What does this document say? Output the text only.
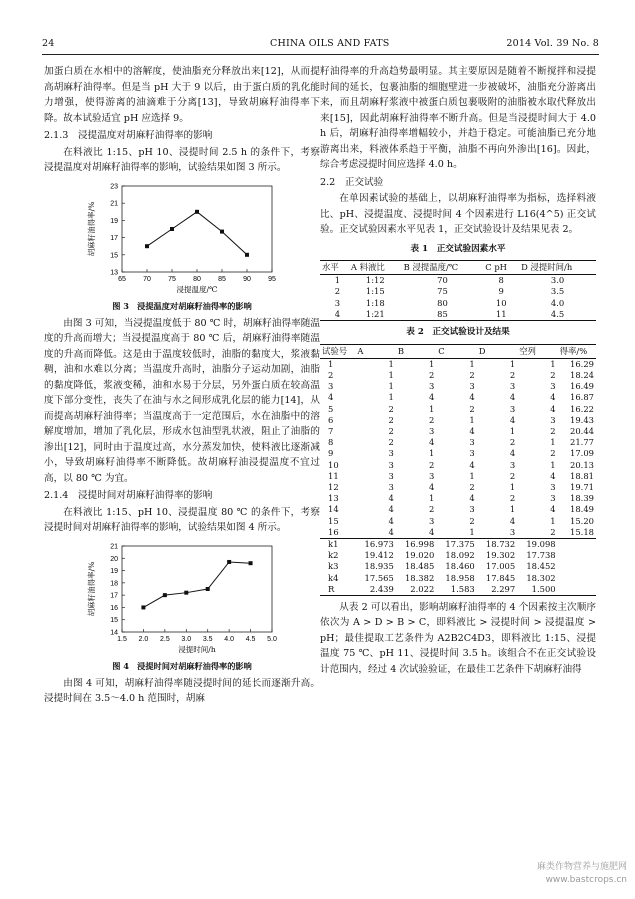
24	CHINA OILS AND FATS	2014 Vol. 39 No. 8

加蛋白质在水相中的溶解度，使油脂充分释放出来[12]，从而提高胡麻籽油得率。但是当 pH 大于 9 以后，由于蛋白质的乳化能力增强，使得游离的油滴难于分离[13]，导致胡麻籽油得率下降。故本试验适宜 pH 应选择 9。

2.1.3　浸提温度对胡麻籽油得率的影响

在料液比 1:15、pH 10、浸提时间 2.5 h 的条件下，考察浸提温度对胡麻籽油得率的影响，试验结果如图 3 所示。

65 70 75 80 85 90 95
13
15
17
19
21
23
浸提温度/℃
胡麻籽油得率/%
图 3　浸提温度对胡麻籽油得率的影响

由图 3 可知，当浸提温度低于 80 ℃ 时，胡麻籽油得率随温度的升高而增大；当浸提温度高于 80 ℃ 后，胡麻籽油得率随温度的升高而降低。这是由于温度较低时，油脂的黏度大，浆液黏稠，油和水难以分离；当温度升高时，油脂分子运动加剧，油脂的黏度降低，浆液变稀，油和水易于分层，另外蛋白质在较高温度下部分变性，丧失了在油与水之间形成乳化层的能力[14]，从而提高胡麻籽油得率；当温度高于一定范围后，水在油脂中的溶解度增加，增加了乳化层，形成水包油型乳状液，阻止了油脂的渗出[12]，同时由于温度过高，水分蒸发加快，使料液比逐渐减小，导致胡麻籽油得率不断降低。故胡麻籽油浸提温度不宜过高，以 80 ℃ 为宜。

2.1.4　浸提时间对胡麻籽油得率的影响

在料液比 1:15、pH 10、浸提温度 80 ℃ 的条件下，考察浸提时间对胡麻籽油得率的影响，试验结果如图 4 所示。

1.5 2.0 2.5 3.0 3.5 4.0 4.5 5.0
14
15
16
17
18
19
20
21
浸提时间/h
胡麻籽油得率/%
图 4　浸提时间对胡麻籽油得率的影响

由图 4 可知，胡麻籽油得率随浸提时间的延长而逐渐升高。浸提时间在 3.5～4.0 h 范围时，胡麻

籽油得率的升高趋势最明显。其主要原因是随着不断搅拌和浸提时间的延长，包裹油脂的细胞壁进一步被破坏，油脂充分游离出来，而且胡麻籽浆液中被蛋白质包裹吸附的油脂被水取代释放出来[15]，因此胡麻籽油得率不断升高。但是当浸提时间大于 4.0 h 后，胡麻籽油得率增幅较小，并趋于稳定。可能油脂已充分地游离出来，料液体系趋于平衡，油脂不再向外渗出[16]。因此，综合考虑浸提时间应选择 4.0 h。

2.2　正交试验

在单因素试验的基础上，以胡麻籽油得率为指标，选择料液比、pH、浸提温度、浸提时间 4 个因素进行 L16(4^5) 正交试验。正交试验因素水平见表 1，正交试验设计及结果见表 2。

表 1　正交试验因素水平
水平	A 料液比	B 浸提温度/℃	C pH	D 浸提时间/h
1	1:12	70	8	3.0
2	1:15	75	9	3.5
3	1:18	80	10	4.0
4	1:21	85	11	4.5
表 2　正交试验设计及结果
试验号	A	B	C	D	空列	得率/%
1	1	1	1	1	1	16.29
2	1	2	2	2	2	18.24
3	1	3	3	3	3	16.49
4	1	4	4	4	4	16.87
5	2	1	2	3	4	16.22
6	2	2	1	4	3	19.43
7	2	3	4	1	2	20.44
8	2	4	3	2	1	21.77
9	3	1	3	4	2	17.09
10	3	2	4	3	1	20.13
11	3	3	1	2	4	18.81
12	3	4	2	1	3	19.71
13	4	1	4	2	3	18.39
14	4	2	3	1	4	18.49
15	4	3	2	4	1	15.20
16	4	4	1	3	2	15.18
k1	16.973	16.998	17.375	18.732	19.098	
k2	19.412	19.020	18.092	19.302	17.738	
k3	18.935	18.485	18.460	17.005	18.452	
k4	17.565	18.382	18.958	17.845	18.302	
R	2.439	2.022	1.583	2.297	1.500	

从表 2 可以看出，影响胡麻籽油得率的 4 个因素按主次顺序依次为 A > D > B > C，即料液比 > 浸提时间 > 浸提温度 > pH；最佳提取工艺条件为 A2B2C4D3，即料液比 1:15、浸提温度 75 ℃、pH 11、浸提时间 3.5 h。该组合不在正交试验设计范围内，经过 4 次试验验证，在最佳工艺条件下胡麻籽油得

麻类作物营养与施肥网
www.bastcrops.cn
